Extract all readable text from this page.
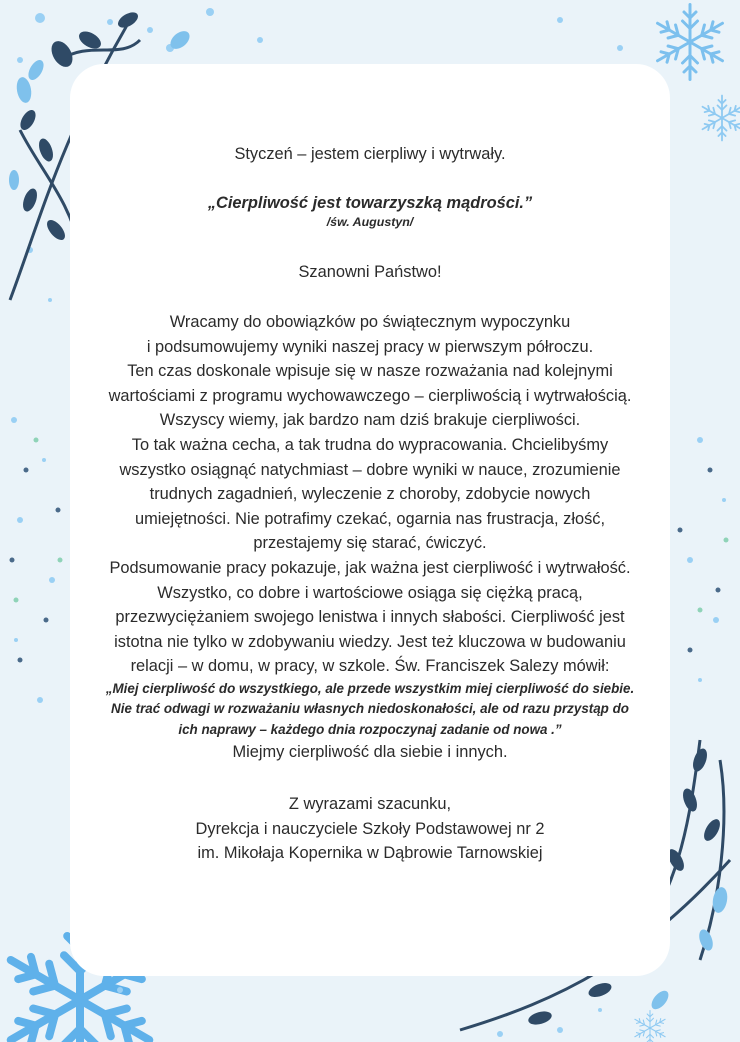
Styczeń – jestem cierpliwy i wytrwały.

„Cierpliwość jest towarzyszką mądrości.”

/św. Augustyn/

Szanowni Państwo!

Wracamy do obowiązków po świątecznym wypoczynku

i podsumowujemy wyniki naszej pracy w pierwszym półroczu.

Ten czas doskonale wpisuje się w nasze rozważania nad kolejnymi

wartościami z programu wychowawczego – cierpliwością i wytrwałością.

Wszyscy wiemy, jak bardzo nam dziś brakuje cierpliwości.

To tak ważna cecha, a tak trudna do wypracowania. Chcielibyśmy

wszystko osiągnąć natychmiast – dobre wyniki w nauce, zrozumienie

trudnych zagadnień, wyleczenie z choroby, zdobycie nowych

umiejętności. Nie potrafimy czekać, ogarnia nas frustracja, złość,

przestajemy się starać, ćwiczyć.

Podsumowanie pracy pokazuje, jak ważna jest cierpliwość i wytrwałość.

Wszystko, co dobre i wartościowe osiąga się ciężką pracą,

przezwyciężaniem swojego lenistwa i innych słabości. Cierpliwość jest

istotna nie tylko w zdobywaniu wiedzy. Jest też kluczowa w budowaniu

relacji – w domu, w pracy, w szkole. Św. Franciszek Salezy mówił:

„Miej cierpliwość do wszystkiego, ale przede wszystkim miej cierpliwość do siebie.

Nie trać odwagi w rozważaniu własnych niedoskonałości, ale od razu przystąp do

ich naprawy – każdego dnia rozpoczynaj zadanie od nowa .”

Miejmy cierpliwość dla siebie i innych.

Z wyrazami szacunku,

Dyrekcja i nauczyciele Szkoły Podstawowej nr 2

im. Mikołaja Kopernika w Dąbrowie Tarnowskiej
